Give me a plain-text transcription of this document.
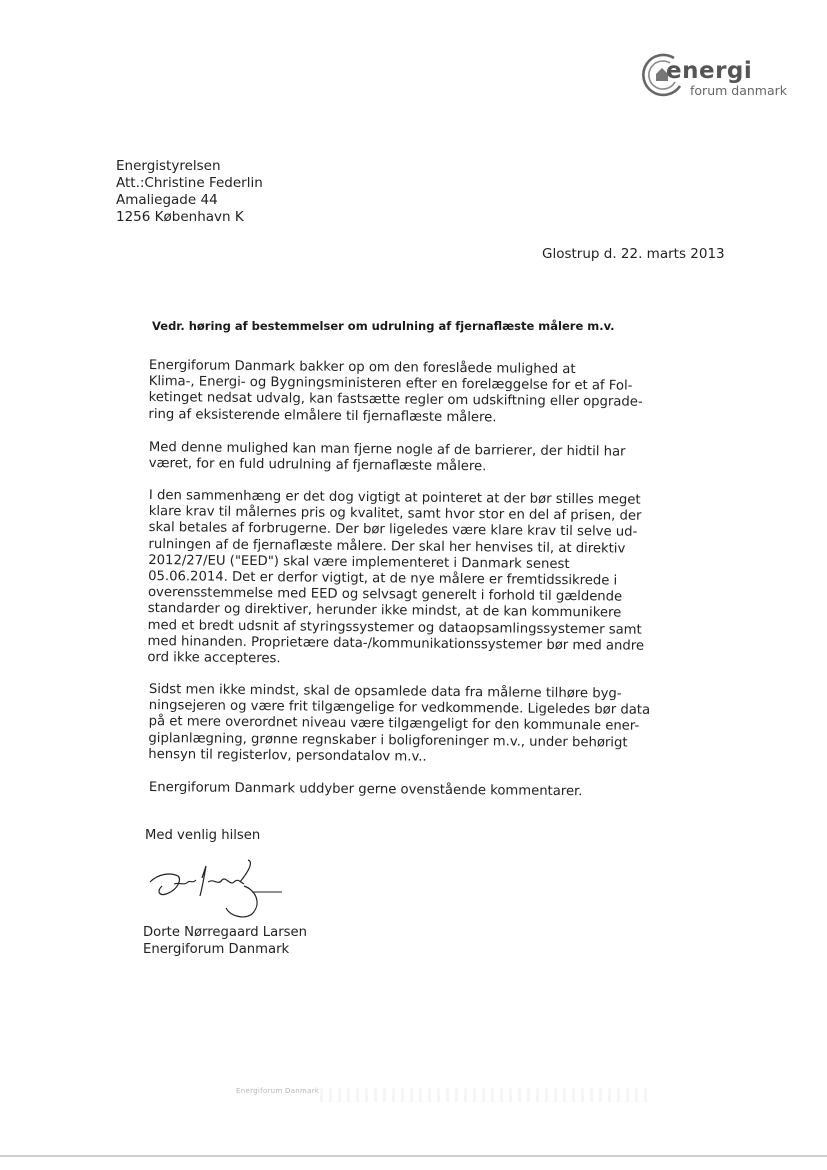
energi
forum danmark
Energistyrelsen
Att.:Christine Federlin
Amaliegade 44
1256 København K
Glostrup d. 22. marts 2013
Vedr. høring af bestemmelser om udrulning af fjernaflæste målere m.v.
Energiforum Danmark bakker op om den foreslåede mulighed at
Klima-, Energi- og Bygningsministeren efter en forelæggelse for et af Fol-
ketinget nedsat udvalg, kan fastsætte regler om udskiftning eller opgrade-
ring af eksisterende elmålere til fjernaflæste målere.
Med denne mulighed kan man fjerne nogle af de barrierer, der hidtil har
været, for en fuld udrulning af fjernaflæste målere.
I den sammenhæng er det dog vigtigt at pointeret at der bør stilles meget
klare krav til målernes pris og kvalitet, samt hvor stor en del af prisen, der
skal betales af forbrugerne. Der bør ligeledes være klare krav til selve ud-
rulningen af de fjernaflæste målere. Der skal her henvises til, at direktiv
2012/27/EU ("EED") skal være implementeret i Danmark senest
05.06.2014. Det er derfor vigtigt, at de nye målere er fremtidssikrede i
overensstemmelse med EED og selvsagt generelt i forhold til gældende
standarder og direktiver, herunder ikke mindst, at de kan kommunikere
med et bredt udsnit af styringssystemer og dataopsamlingssystemer samt
med hinanden. Proprietære data-/kommunikationssystemer bør med andre
ord ikke accepteres.
Sidst men ikke mindst, skal de opsamlede data fra målerne tilhøre byg-
ningsejeren og være frit tilgængelige for vedkommende. Ligeledes bør data
på et mere overordnet niveau være tilgængeligt for den kommunale ener-
giplanlægning, grønne regnskaber i boligforeninger m.v., under behørigt
hensyn til registerlov, persondatalov m.v..
Energiforum Danmark uddyber gerne ovenstående kommentarer.
Med venlig hilsen
Dorte Nørregaard Larsen
Energiforum Danmark
Energiforum Danmark
